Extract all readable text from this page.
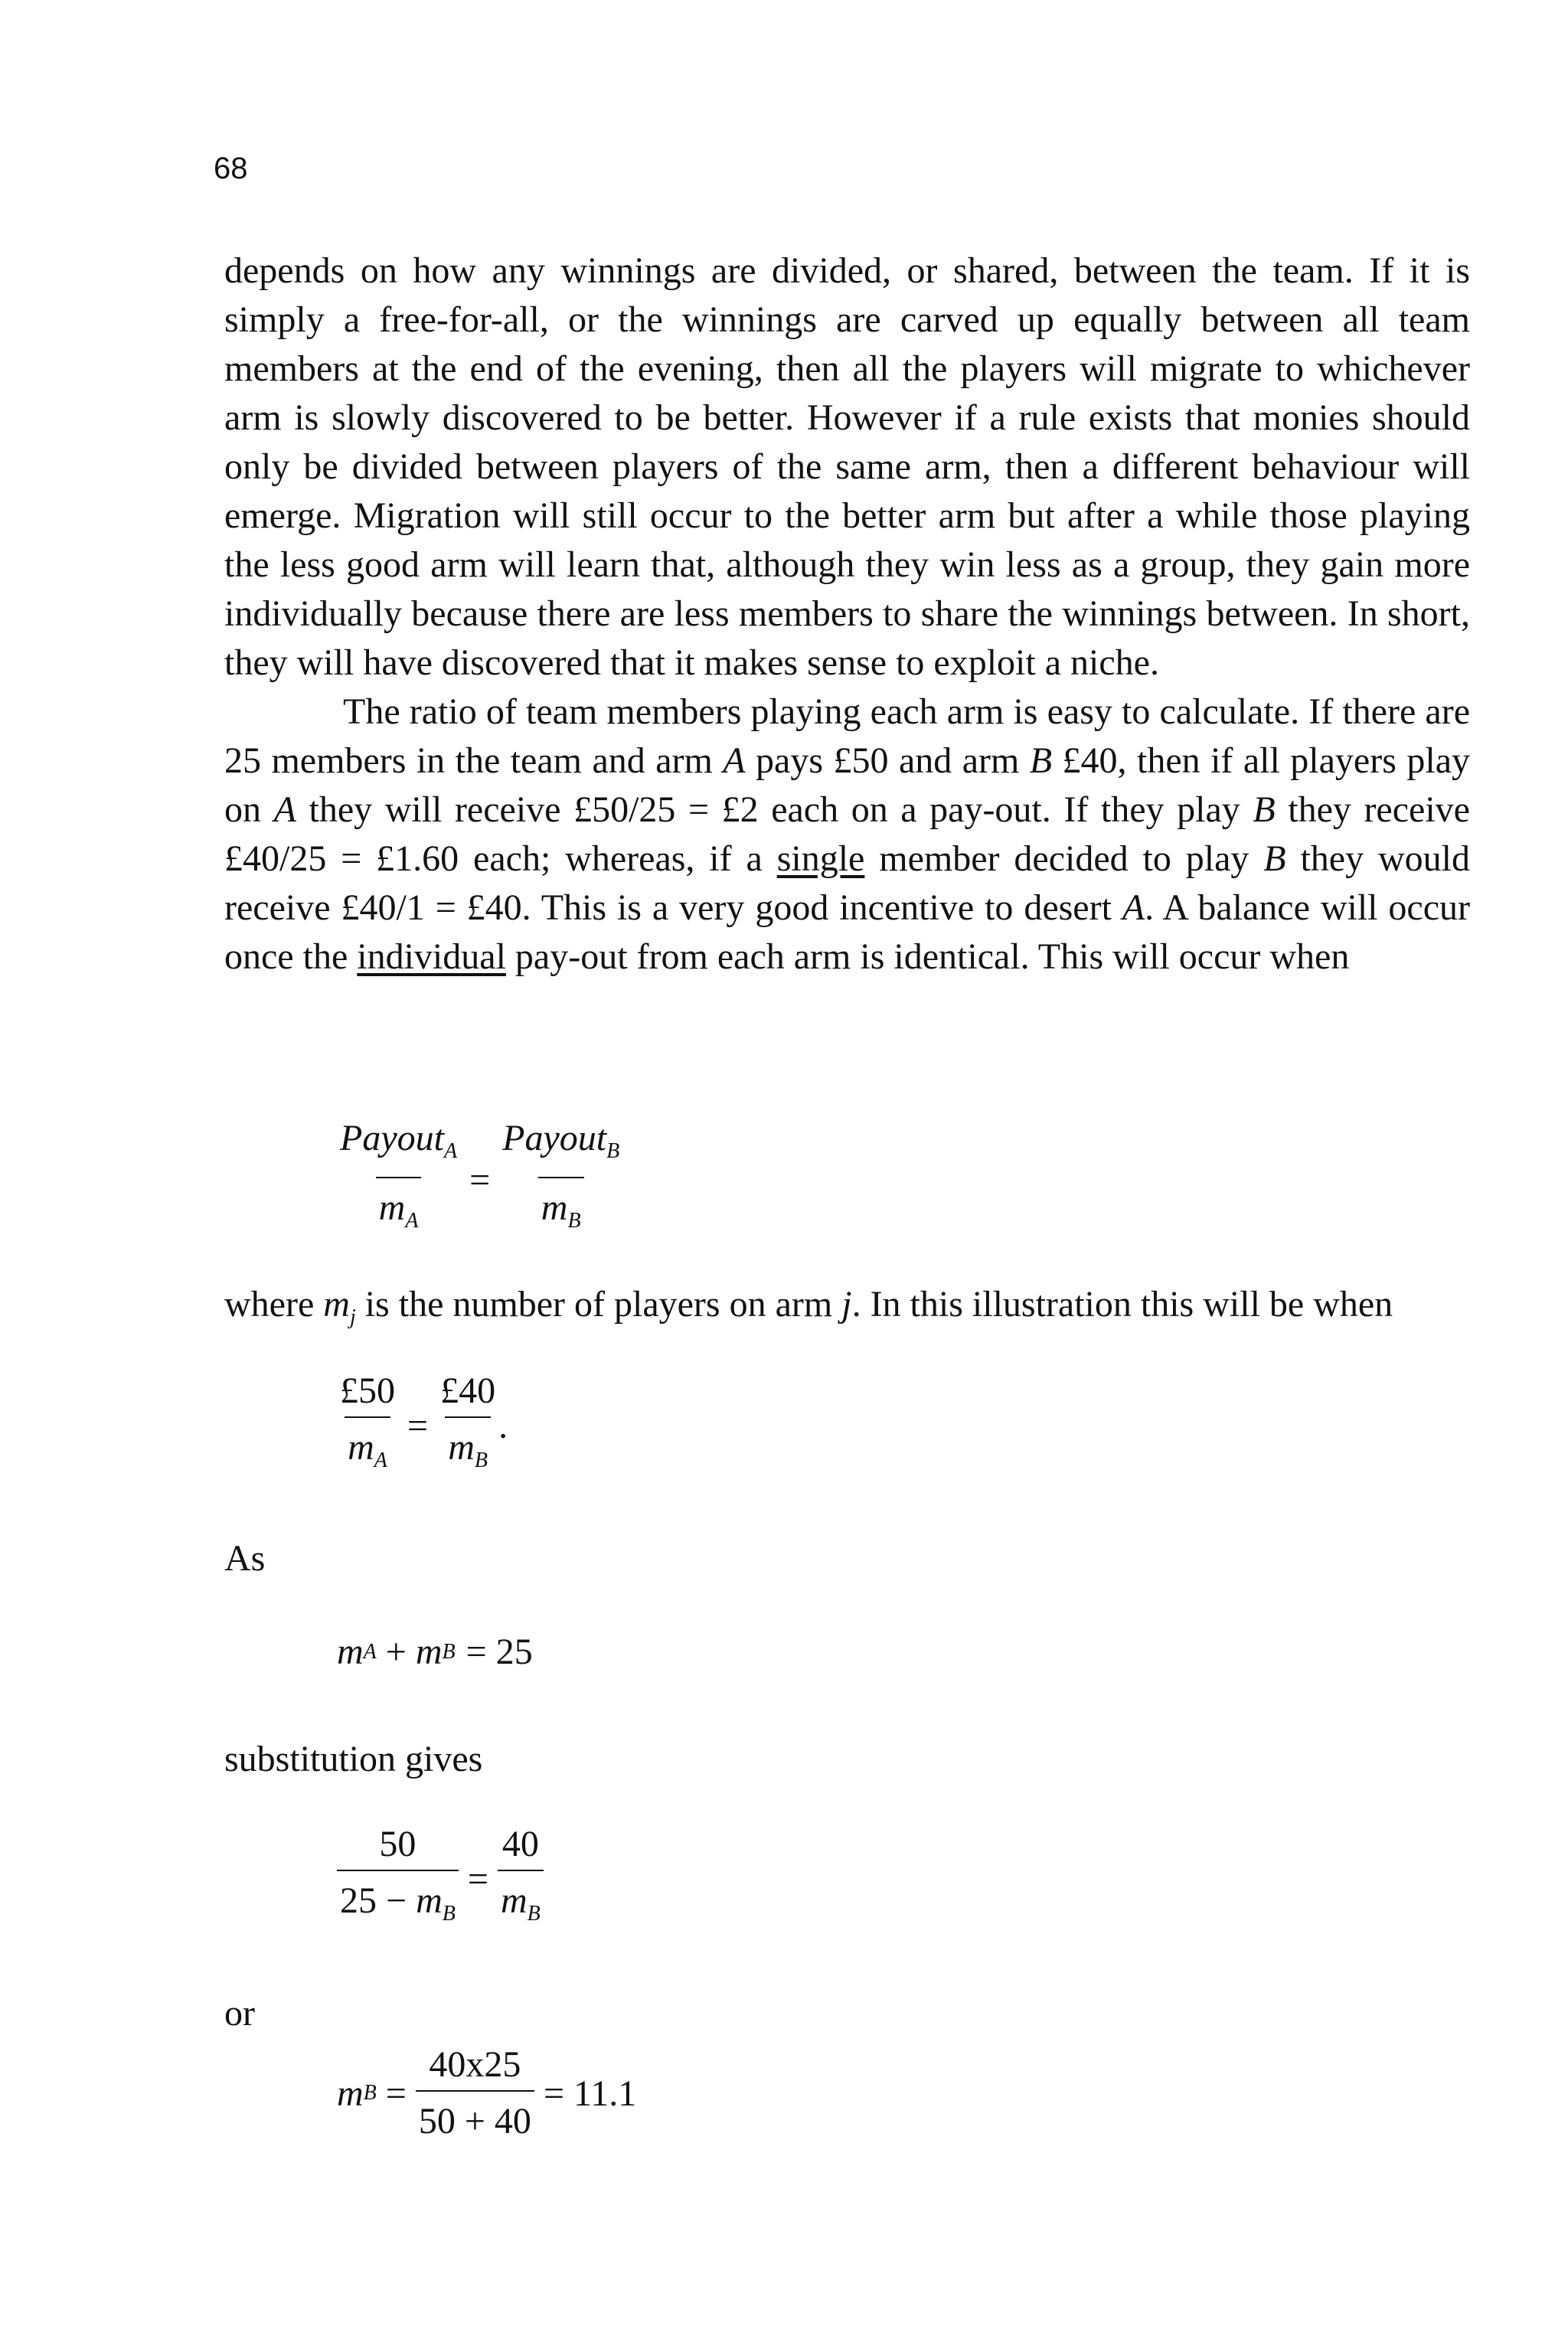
68

depends on how any winnings are divided, or shared, between the team. If it is simply a free-for-all, or the winnings are carved up equally between all team members at the end of the evening, then all the players will migrate to whichever arm is slowly discovered to be better. However if a rule exists that monies should only be divided between players of the same arm, then a different behaviour will emerge. Migration will still occur to the better arm but after a while those playing the less good arm will learn that, although they win less as a group, they gain more individually because there are less members to share the winnings between. In short, they will have discovered that it makes sense to exploit a niche.

The ratio of team members playing each arm is easy to calculate. If there are 25 members in the team and arm A pays £50 and arm B £40, then if all players play on A they will receive £50/25 = £2 each on a pay-out. If they play B they receive £40/25 = £1.60 each; whereas, if a single member decided to play B they would receive £40/1 = £40. This is a very good incentive to desert A. A balance will occur once the individual pay-out from each arm is identical. This will occur when

$\frac{Payout_A}{m_A} = \frac{Payout_B}{m_B}$

where $m_j$ is the number of players on arm j. In this illustration this will be when

$\frac{£50}{m_A} = \frac{£40}{m_B}$ .

As

m A + m B = 25

substitution gives

$\frac{50}{25 - m_B} = \frac{40}{m_B}$

or

m $B = \frac{40x25}{50 + 40} = 11.1$
